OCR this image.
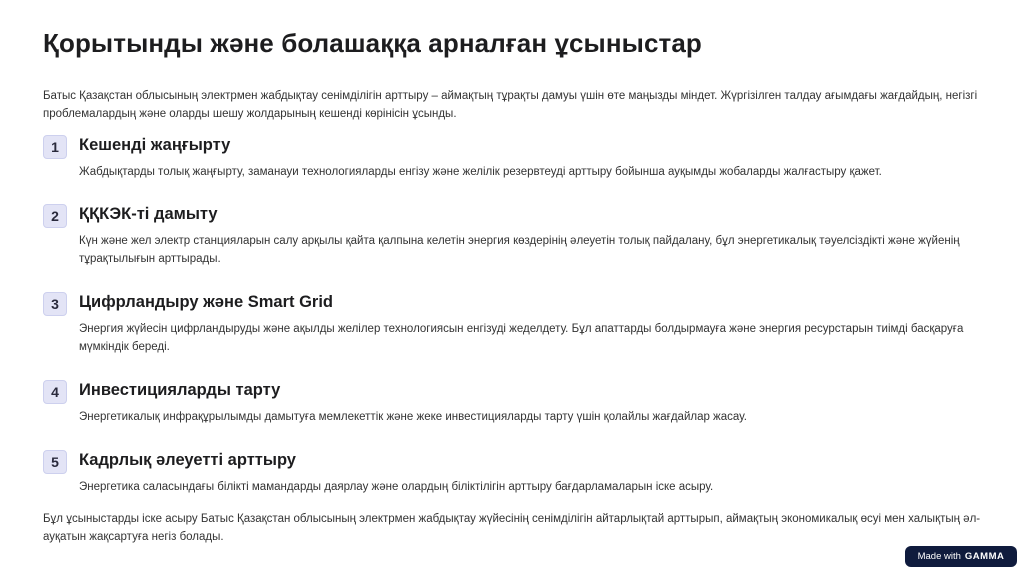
Қорытынды және болашаққа арналған ұсыныстар
Батыс Қазақстан облысының электрмен жабдықтау сенімділігін арттыру – аймақтың тұрақты дамуы үшін өте маңызды міндет. Жүргізілген талдау ағымдағы жағдайдың, негізгі проблемалардың және оларды шешу жолдарының кешенді көрінісін ұсынды.
1	Кешенді жаңғырту
Жабдықтарды толық жаңғырту, заманауи технологияларды енгізу және желілік резервтеуді арттыру бойынша ауқымды жобаларды жалғастыру қажет.
2	ҚҚКЭК-ті дамыту
Күн және жел электр станцияларын салу арқылы қайта қалпына келетін энергия көздерінің әлеуетін толық пайдалану, бұл энергетикалық тәуелсіздікті және жүйенің тұрақтылығын арттырады.
3	Цифрландыру және Smart Grid
Энергия жүйесін цифрландыруды және ақылды желілер технологиясын енгізуді жеделдету. Бұл апаттарды болдырмауға және энергия ресурстарын тиімді басқаруға мүмкіндік береді.
4	Инвестицияларды тарту
Энергетикалық инфрақұрылымды дамытуға мемлекеттік және жеке инвестицияларды тарту үшін қолайлы жағдайлар жасау.
5	Кадрлық әлеуетті арттыру
Энергетика саласындағы білікті мамандарды даярлау және олардың біліктілігін арттыру бағдарламаларын іске асыру.
Бұл ұсыныстарды іске асыру Батыс Қазақстан облысының электрмен жабдықтау жүйесінің сенімділігін айтарлықтай арттырып, аймақтың экономикалық өсуі мен халықтың әл-ауқатын жақсартуға негіз болады.
Made with GAMMA
